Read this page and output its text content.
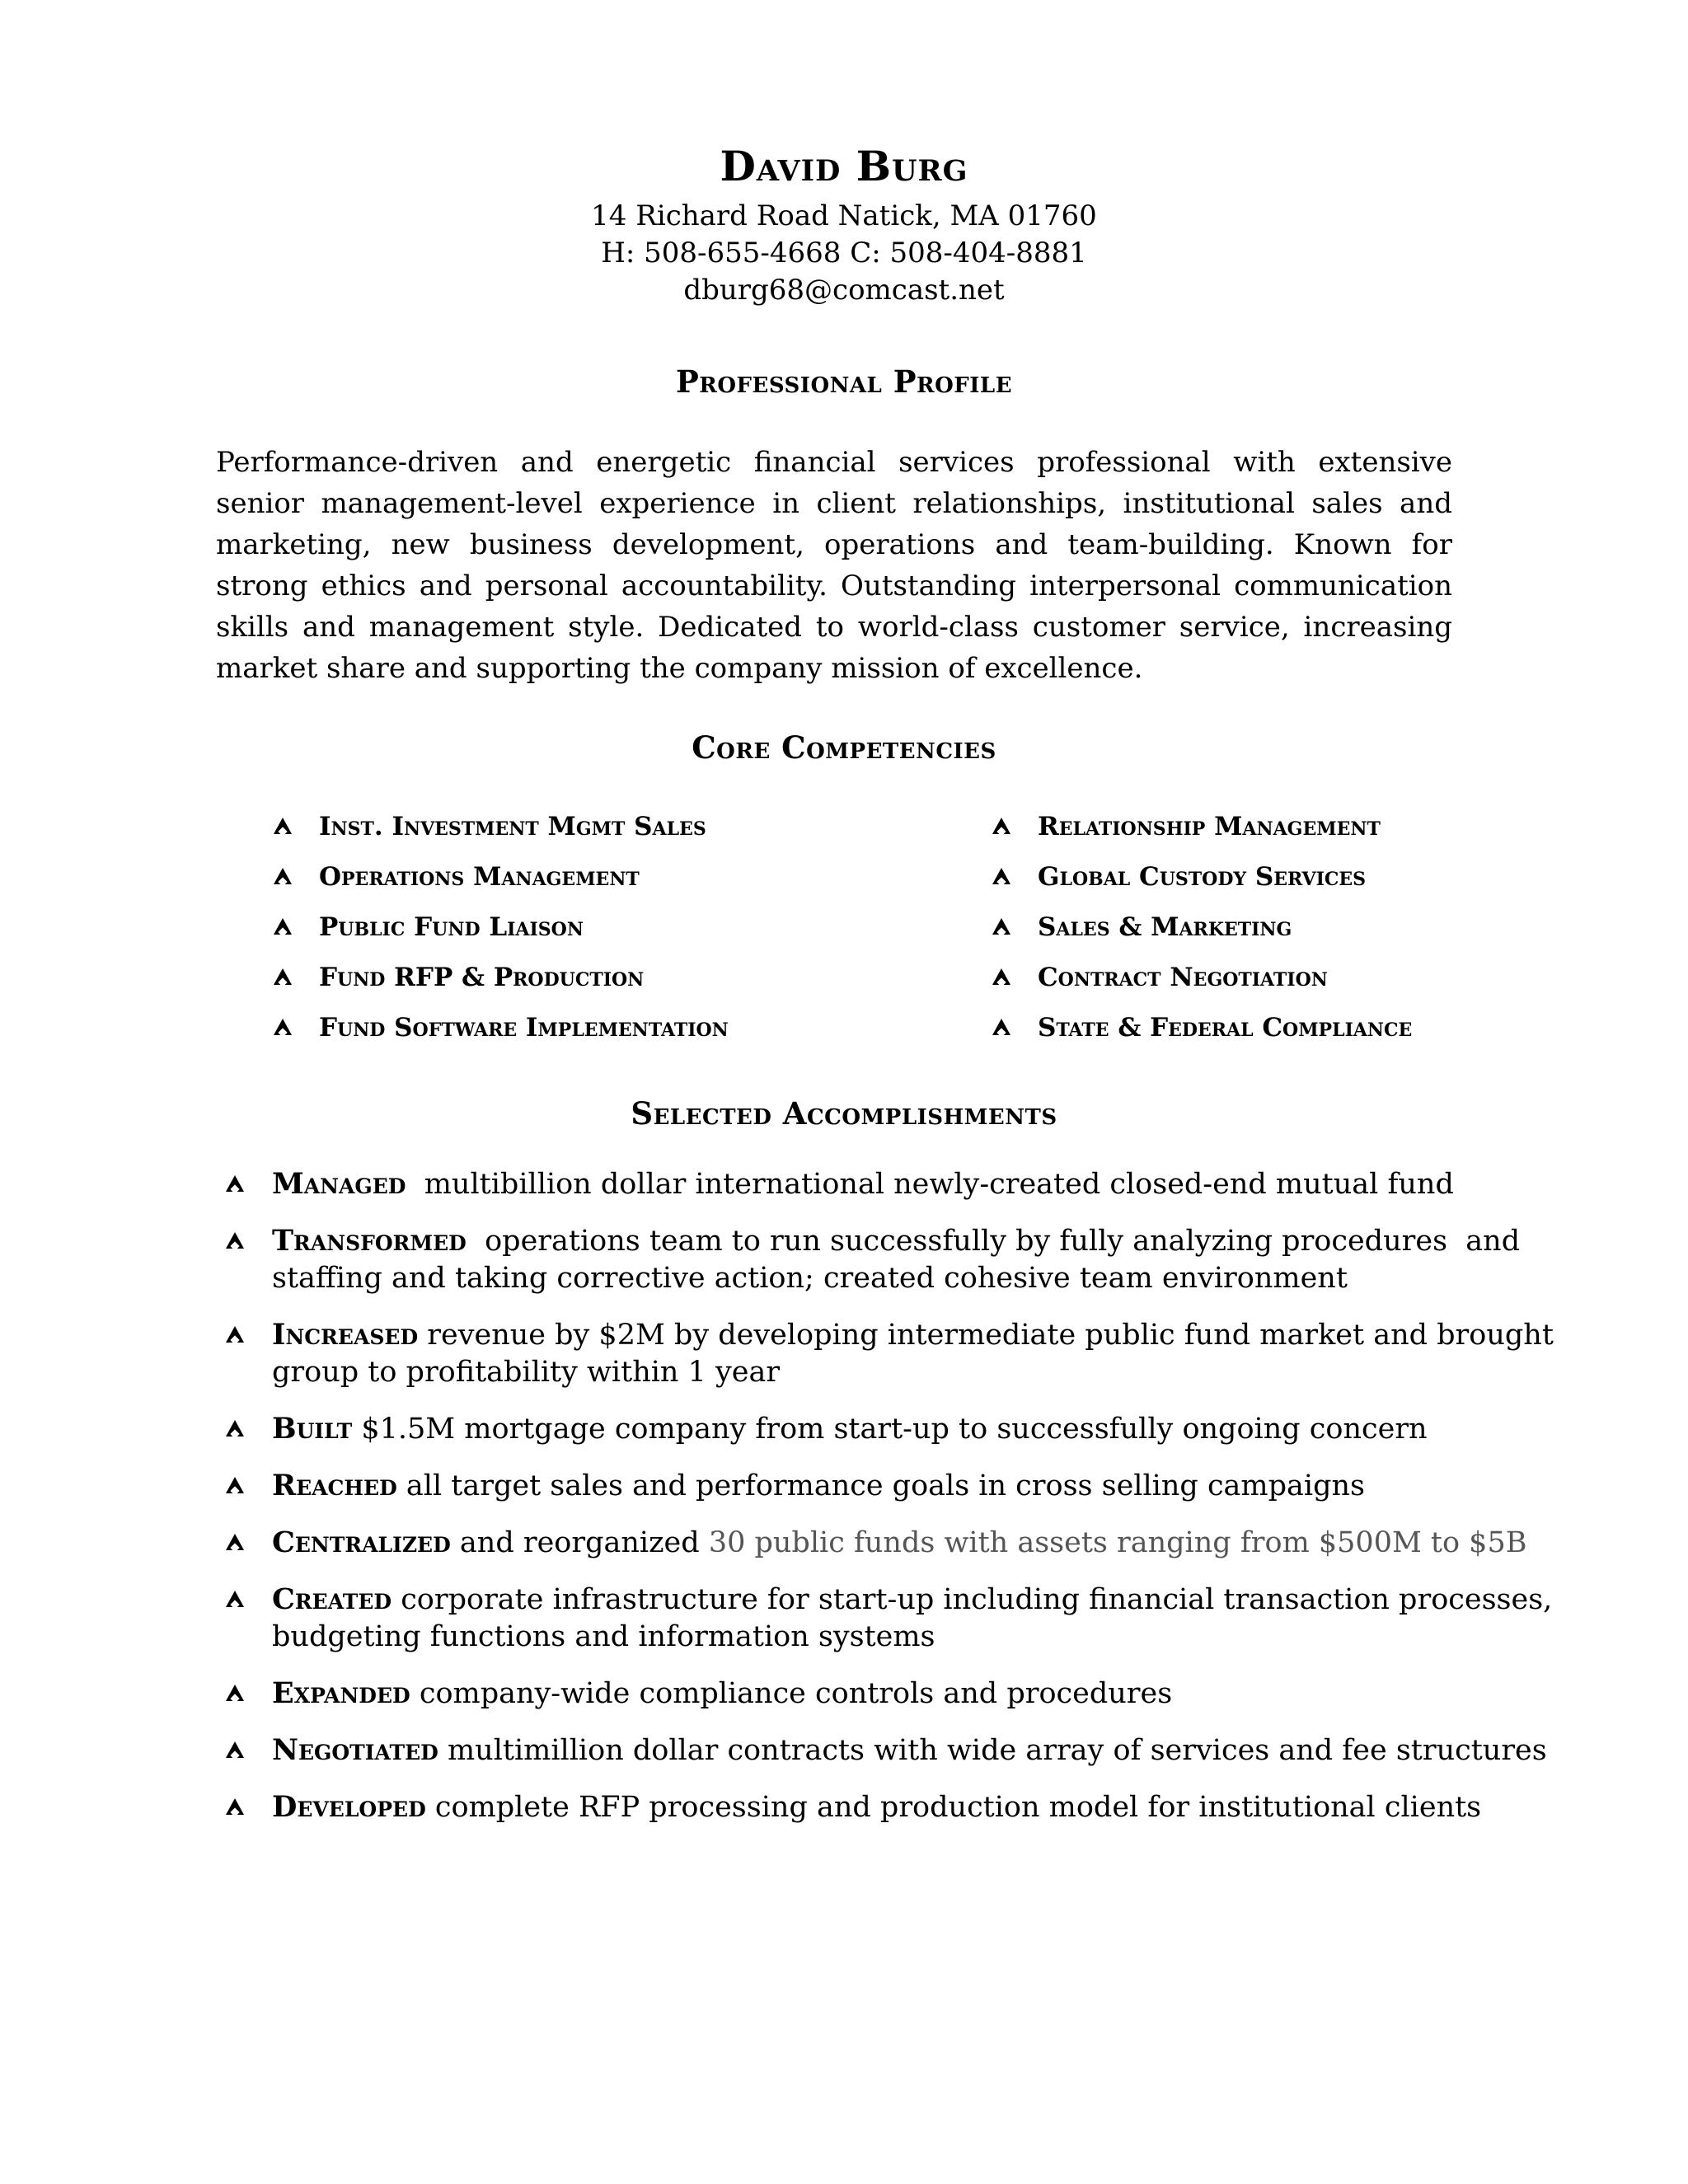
David Burg
14 Richard Road Natick, MA 01760
H: 508-655-4668 C: 508-404-8881
dburg68@comcast.net
Professional Profile
Performance-driven and energetic financial services professional with extensive senior management-level experience in client relationships, institutional sales and marketing, new business development, operations and team-building. Known for strong ethics and personal accountability. Outstanding interpersonal communication skills and management style. Dedicated to world-class customer service, increasing market share and supporting the company mission of excellence.
Core Competencies
Inst. Investment Mgmt Sales
Operations Management
Public Fund Liaison
Fund RFP & Production
Fund Software Implementation
Relationship Management
Global Custody Services
Sales & Marketing
Contract Negotiation
State & Federal Compliance
Selected Accomplishments
Managed  multibillion dollar international newly-created closed-end mutual fund
Transformed  operations team to run successfully by fully analyzing procedures  and staffing and taking corrective action; created cohesive team environment
Increased revenue by $2M by developing intermediate public fund market and brought group to profitability within 1 year
Built $1.5M mortgage company from start-up to successfully ongoing concern
Reached all target sales and performance goals in cross selling campaigns
Centralized and reorganized 30 public funds with assets ranging from $500M to $5B
Created corporate infrastructure for start-up including financial transaction processes, budgeting functions and information systems
Expanded company-wide compliance controls and procedures
Negotiated multimillion dollar contracts with wide array of services and fee structures
Developed complete RFP processing and production model for institutional clients
